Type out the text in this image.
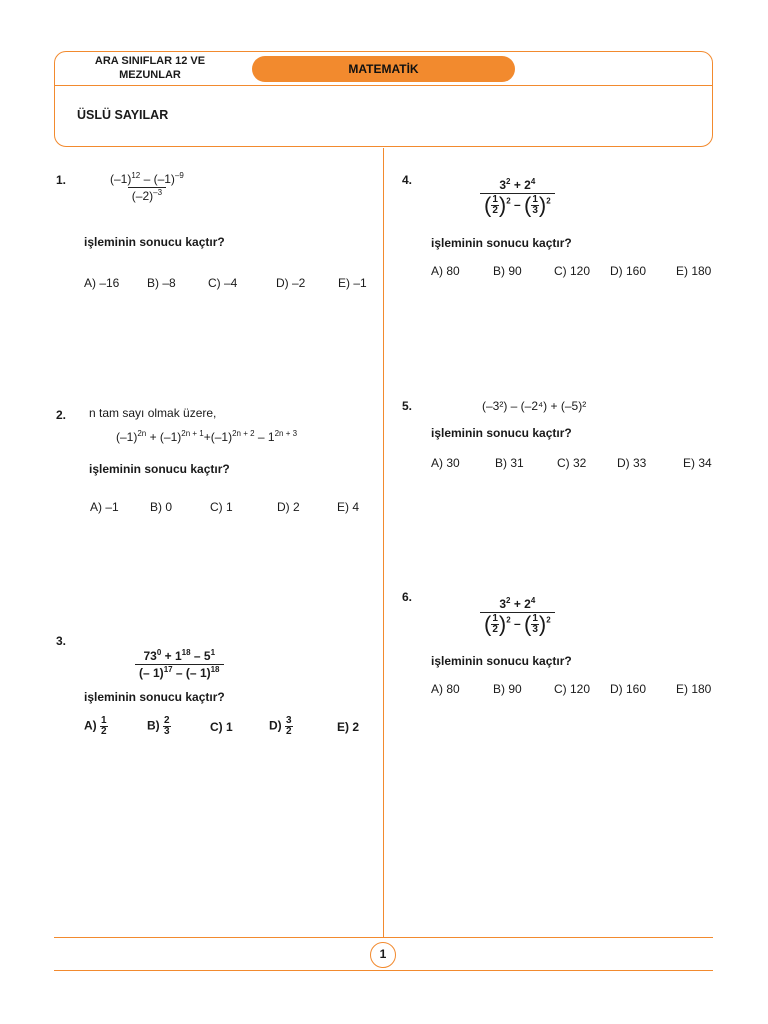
ARA SINIFLAR 12 VE MEZUNLAR	MATEMATİK
ÜSLÜ SAYILAR
1.	$\frac{(-1)^{12} - (-1)^{-9}}{(-2)^{-3}}$
işleminin sonucu kaçtır?
A) –16 B) –8	C) –4	D) –2	E) –1
2. n tam sayı olmak üzere,
$(-1)^{2n} + (-1)^{2n + 1}+(-1)^{2n + 2} - 1^{2n + 3}$
işleminin sonucu kaçtır?
A) –1	B) 0	C) 1	D) 2	E) 4
3.
$\frac{73^0 + 1^{18} - 5^1}{(- 1)^{17} - (- 1)^{18}}$
işleminin sonucu kaçtır?
$A) \frac{1}{2}$	$B) \frac{2}{3}$	C) 1	$D) \frac{3}{2}$	E) 2
4.	$\frac{3^2 + 2^4}{( \frac{1}{2} )^2 - ( \frac{1}{3} )^2}$
işleminin sonucu kaçtır?
A) 80	B) 90	C) 120 D) 160 E) 180
5.	(–3²) – (–2⁴) + (–5)²
işleminin sonucu kaçtır?
A) 30	B) 31	C) 32	D) 33	E) 34
6.	$\frac{3^2 + 2^4}{( \frac{1}{2} )^2 - ( \frac{1}{3} )^2}$
işleminin sonucu kaçtır?
A) 80	B) 90	C) 120 D) 160 E) 180
1
